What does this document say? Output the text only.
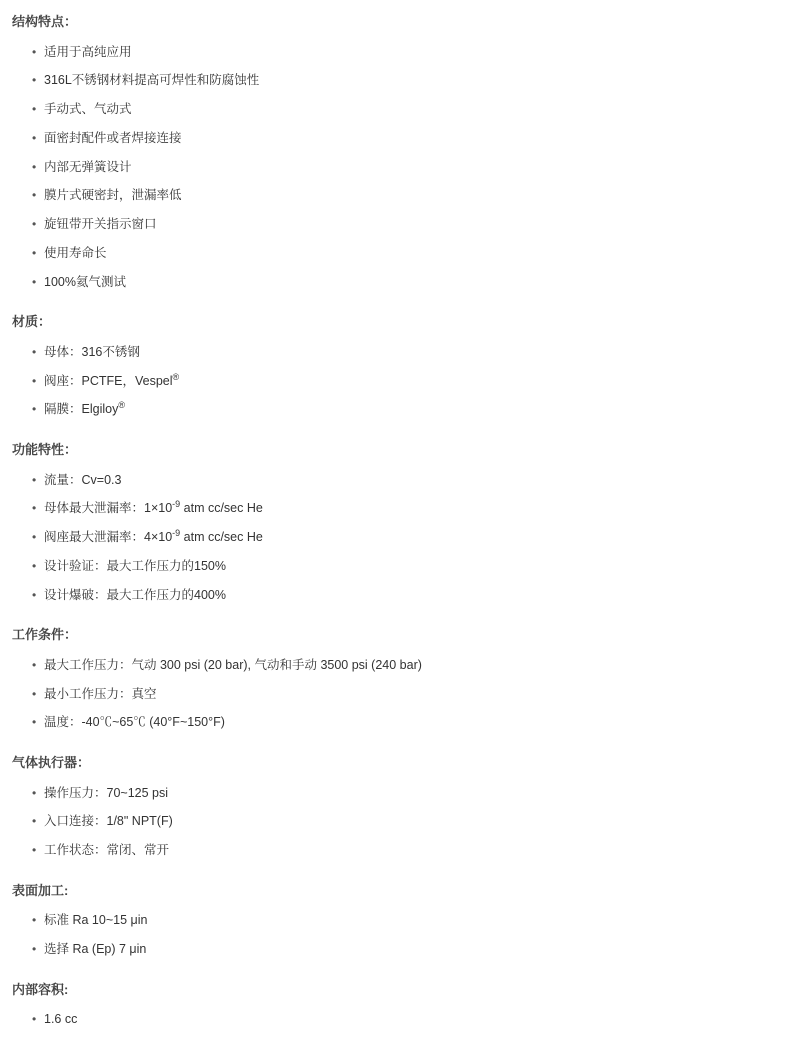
结构特点：
• 适用于高纯应用
• 316L不锈钢材料提高可焊性和防腐蚀性
• 手动式、气动式
• 面密封配件或者焊接连接
• 内部无弹簧设计
• 膜片式硬密封，泄漏率低
• 旋钮带开关指示窗口
• 使用寿命长
• 100%氦气测试
材质：
• 母体：316不锈钢
• 阀座：PCTFE，Vespel®
• 隔膜：Elgiloy®
功能特性：
• 流量：Cv=0.3
• 母体最大泄漏率：$1\times 10^{-9}$ atm cc/sec He
• 阀座最大泄漏率：$4\times 10^{-9}$ atm cc/sec He
• 设计验证：最大工作压力的150%
• 设计爆破：最大工作压力的400%
工作条件：
• 最大工作压力：气动 300 psi (20 bar), 气动和手动 3500 psi (240 bar)
• 最小工作压力：真空
• 温度：-40℃~65℃ (40°F~150°F)
气体执行器：
• 操作压力：70~125 psi
• 入口连接：1/8" NPT(F)
• 工作状态：常闭、常开
表面加工:
• 标准 Ra 10~15 μin
• 选择 Ra (Ep) 7 μin
内部容积:
• 1.6 cc
